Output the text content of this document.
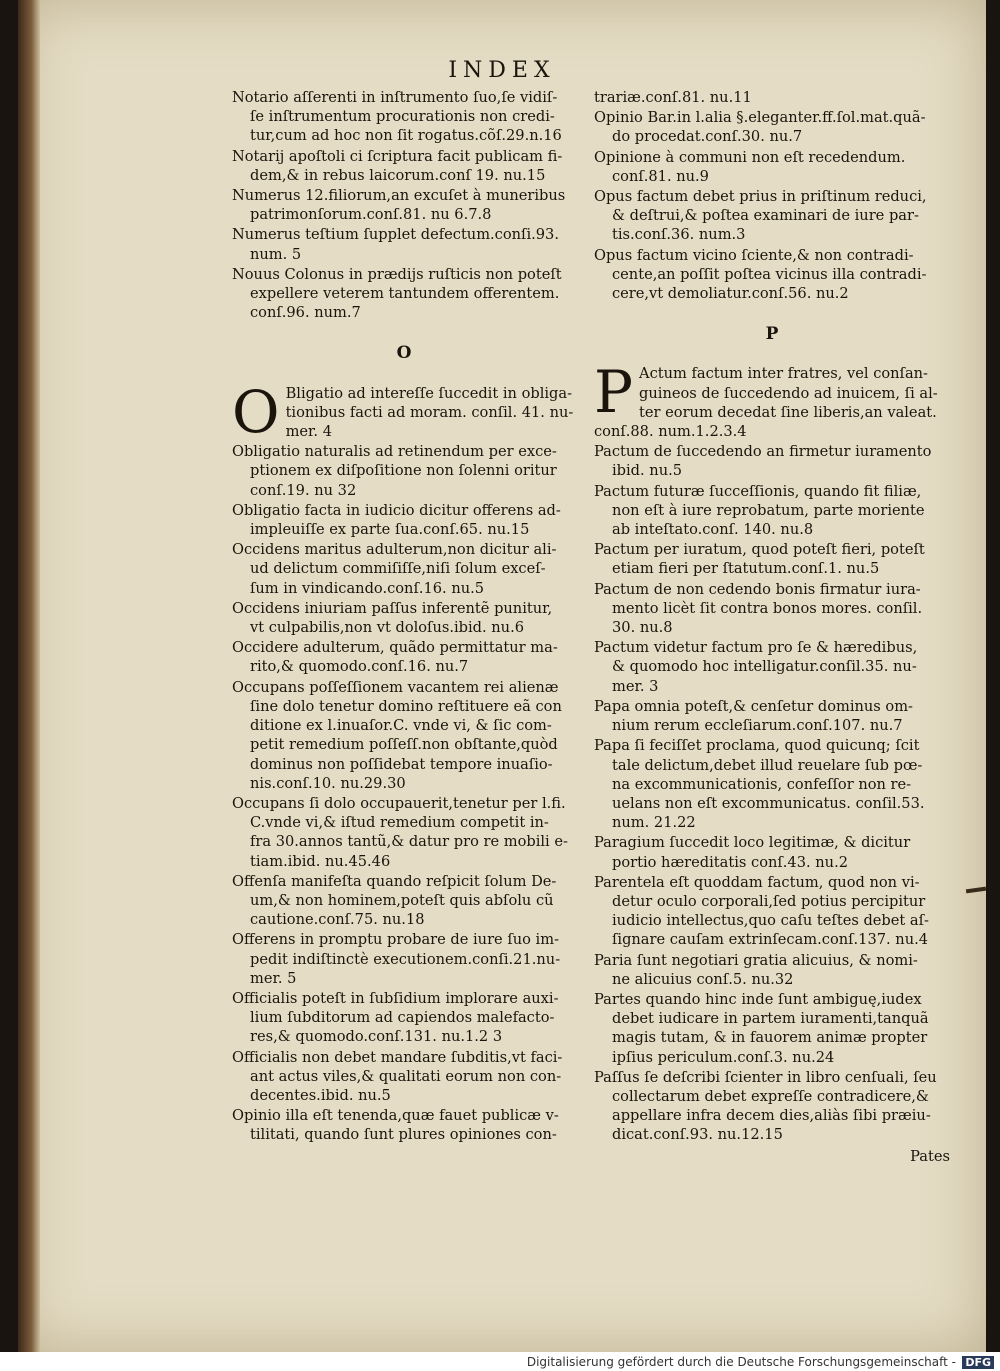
INDEX
Notario aſſerenti in inſtrumento ſuo,ſe vidiſ-
ſe inſtrumentum procurationis non credi-
tur,cum ad hoc non ſit rogatus.cõſ.29.n.16
Notarij apoſtoli ci ſcriptura facit publicam fi-
dem,& in rebus laicorum.conſ 19. nu.15
Numerus 12.filiorum,an excuſet à muneribus
patrimonſorum.conſ.81. nu 6.7.8
Numerus teſtium ſupplet defectum.conſi.93.
num. 5
Nouus Colonus in prædijs ruſticis non poteſt
expellere veterem tantundem offerentem.
conſ.96. num.7
O
O Bligatio ad intereſſe ſuccedit in obliga-
tionibus facti ad moram. conſil. 41. nu-
mer. 4
Obligatio naturalis ad retinendum per exce-
ptionem ex diſpoſitione non ſolenni oritur
conſ.19. nu 32
Obligatio facta in iudicio dicitur offerens ad-
impleuiſſe ex parte ſua.conſ.65. nu.15
Occidens maritus adulterum,non dicitur ali-
ud delictum commiſiſſe,niſi ſolum exceſ-
ſum in vindicando.conſ.16. nu.5
Occidens iniuriam paſſus inferentẽ punitur,
vt culpabilis,non vt doloſus.ibid. nu.6
Occidere adulterum, quãdo permittatur ma-
rito,& quomodo.conſ.16. nu.7
Occupans poſſeſſionem vacantem rei alienæ
ſine dolo tenetur domino reſtituere eã con
ditione ex l.inuaſor.C. vnde vi, & ſic com-
petit remedium poſſeſſ.non obſtante,quòd
dominus non poſſidebat tempore inuaſio-
nis.conſ.10. nu.29.30
Occupans ſi dolo occupauerit,tenetur per l.fi.
C.vnde vi,& iſtud remedium competit in-
fra 30.annos tantũ,& datur pro re mobili e-
tiam.ibid. nu.45.46
Offenſa manifeſta quando reſpicit ſolum De-
um,& non hominem,poteſt quis abſolu cũ
cautione.conſ.75. nu.18
Offerens in promptu probare de iure ſuo im-
pedit indiſtinctè executionem.conſi.21.nu-
mer. 5
Officialis poteſt in ſubſidium implorare auxi-
lium ſubditorum ad capiendos malefacto-
res,& quomodo.conſ.131. nu.1.2 3
Officialis non debet mandare ſubditis,vt faci-
ant actus viles,& qualitati eorum non con-
decentes.ibid. nu.5
Opinio illa eſt tenenda,quæ fauet publicæ v-
tilitati, quando ſunt plures opiniones con-
trariæ.conſ.81. nu.11
Opinio Bar.in l.alia §.eleganter.ff.ſol.mat.quã-
do procedat.conſ.30. nu.7
Opinione à communi non eſt recedendum.
conſ.81. nu.9
Opus factum debet prius in priſtinum reduci,
& deſtrui,& poſtea examinari de iure par-
tis.conſ.36. num.3
Opus factum vicino ſciente,& non contradi-
cente,an poſſit poſtea vicinus illa contradi-
cere,vt demoliatur.conſ.56. nu.2
P
P Actum factum inter fratres, vel conſan-
guineos de ſuccedendo ad inuicem, ſi al-
ter eorum decedat ſine liberis,an valeat.
conſ.88. num.1.2.3.4
Pactum de ſuccedendo an firmetur iuramento
ibid. nu.5
Pactum futuræ ſucceſſionis, quando fit filiæ,
non eſt à iure reprobatum, parte moriente
ab inteſtato.conſ. 140. nu.8
Pactum per iuratum, quod poteſt fieri, poteſt
etiam fieri per ſtatutum.conſ.1. nu.5
Pactum de non cedendo bonis firmatur iura-
mento licèt ſit contra bonos mores. conſil.
30. nu.8
Pactum videtur factum pro ſe & hæredibus,
& quomodo hoc intelligatur.conſil.35. nu-
mer. 3
Papa omnia poteſt,& cenſetur dominus om-
nium rerum eccleſiarum.conſ.107. nu.7
Papa ſi feciſſet proclama, quod quicunq; ſcit
tale delictum,debet illud reuelare ſub pœ-
na excommunicationis, confeſſor non re-
uelans non eſt excommunicatus. conſil.53.
num. 21.22
Paragium ſuccedit loco legitimæ, & dicitur
portio hæreditatis conſ.43. nu.2
Parentela eſt quoddam factum, quod non vi-
detur oculo corporali,ſed potius percipitur
iudicio intellectus,quo caſu teſtes debet aſ-
ſignare cauſam extrinſecam.conſ.137. nu.4
Paria ſunt negotiari gratia alicuius, & nomi-
ne alicuius conſ.5. nu.32
Partes quando hinc inde ſunt ambiguę,iudex
debet iudicare in partem iuramenti,tanquã
magis tutam, & in fauorem animæ propter
ipſius periculum.conſ.3. nu.24
Paſſus ſe deſcribi ſcienter in libro cenſuali, ſeu
collectarum debet expreſſe contradicere,&
appellare infra decem dies,aliàs ſibi præiu-
dicat.conſ.93. nu.12.15
Pates
Digitalisierung gefördert durch die Deutsche Forschungsgemeinschaft - DFG
